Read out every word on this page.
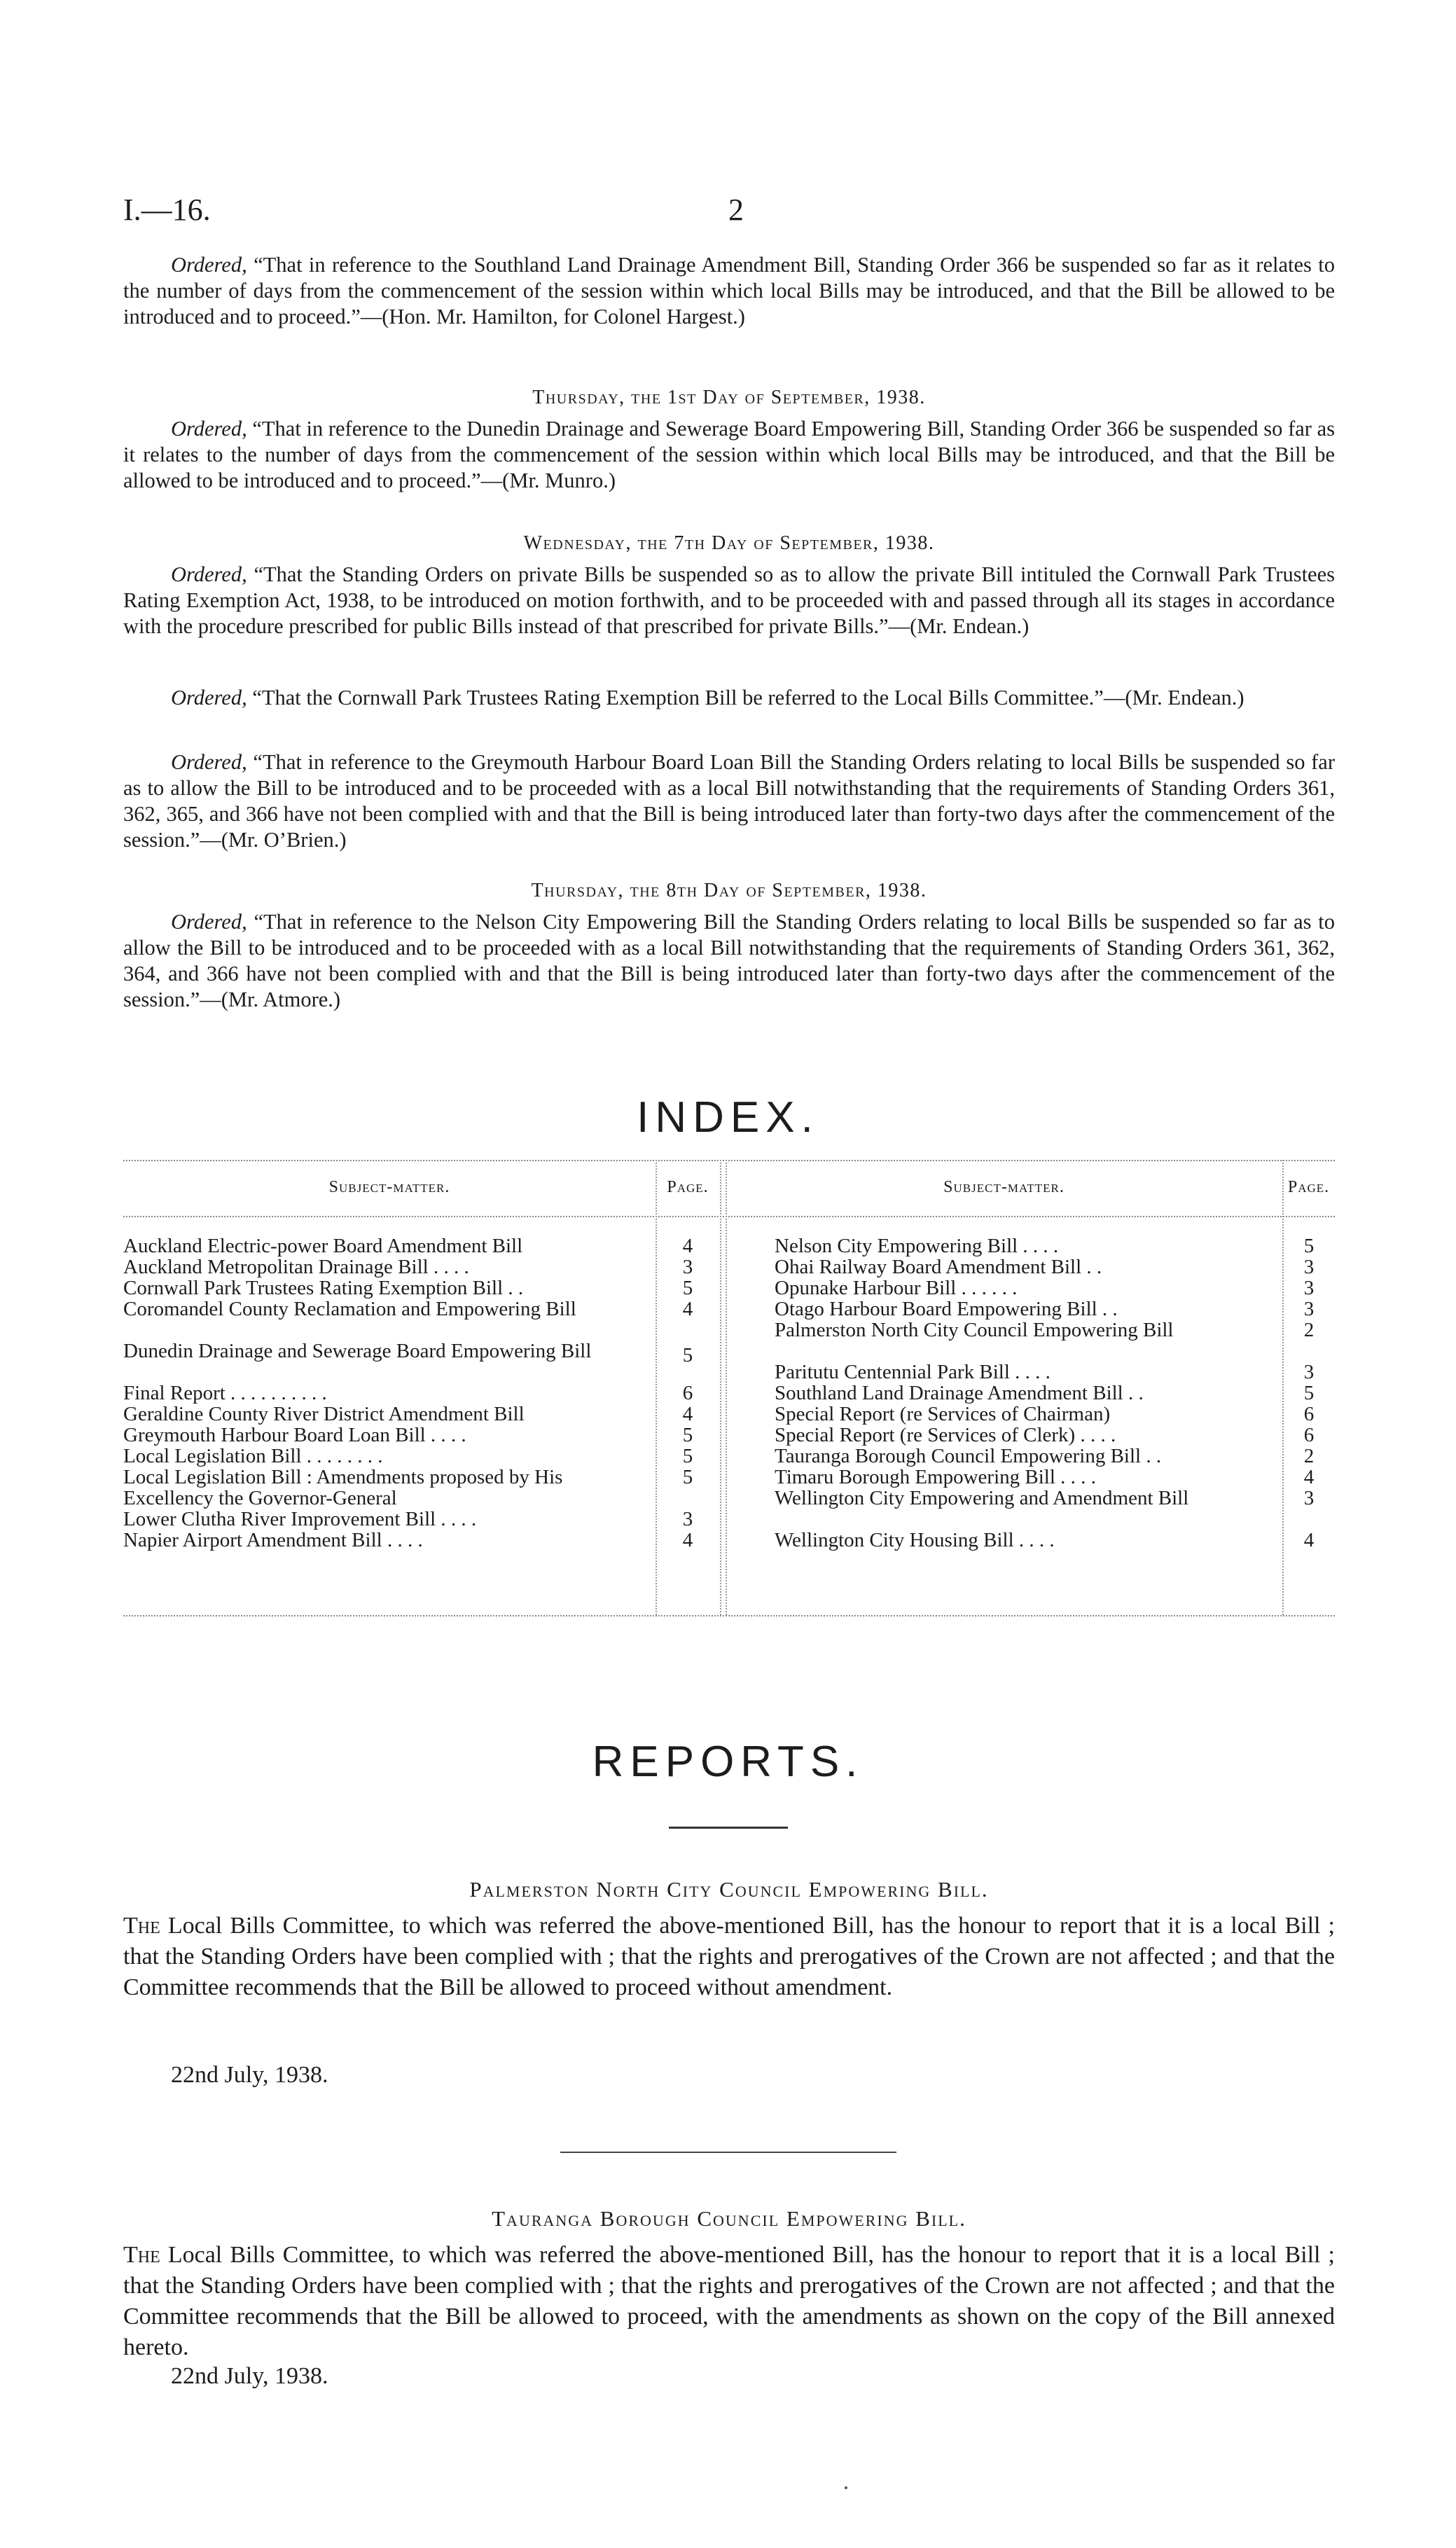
I.—16.	2

Ordered, “That in reference to the Southland Land Drainage Amendment Bill, Standing Order 366 be suspended so far as it relates to the number of days from the commencement of the session within which local Bills may be introduced, and that the Bill be allowed to be introduced and to proceed.”—(Hon. Mr. Hamilton, for Colonel Hargest.)

Thursday, the 1st Day of September, 1938.

Ordered, “That in reference to the Dunedin Drainage and Sewerage Board Empowering Bill, Standing Order 366 be suspended so far as it relates to the number of days from the commencement of the session within which local Bills may be introduced, and that the Bill be allowed to be introduced and to proceed.”—(Mr. Munro.)

Wednesday, the 7th Day of September, 1938.

Ordered, “That the Standing Orders on private Bills be suspended so as to allow the private Bill intituled the Cornwall Park Trustees Rating Exemption Act, 1938, to be introduced on motion forthwith, and to be proceeded with and passed through all its stages in accordance with the procedure prescribed for public Bills instead of that prescribed for private Bills.”—(Mr. Endean.)

Ordered, “That the Cornwall Park Trustees Rating Exemption Bill be referred to the Local Bills Committee.”—(Mr. Endean.)

Ordered, “That in reference to the Greymouth Harbour Board Loan Bill the Standing Orders relating to local Bills be suspended so far as to allow the Bill to be introduced and to be proceeded with as a local Bill notwithstanding that the requirements of Standing Orders 361, 362, 365, and 366 have not been complied with and that the Bill is being introduced later than forty-two days after the commencement of the session.”—(Mr. O’Brien.)

Thursday, the 8th Day of September, 1938.

Ordered, “That in reference to the Nelson City Empowering Bill the Standing Orders relating to local Bills be suspended so far as to allow the Bill to be introduced and to be proceeded with as a local Bill notwithstanding that the requirements of Standing Orders 361, 362, 364, and 366 have not been complied with and that the Bill is being introduced later than forty-two days after the commencement of the session.”—(Mr. Atmore.)

INDEX.
Subject-matter.	Page.	Subject-matter.	Page.
Auckland Electric-power Board Amendment Bill	4
Auckland Metropolitan Drainage Bill . . . .	3
Cornwall Park Trustees Rating Exemption Bill . .	5
Coromandel County Reclamation and Empowering Bill	4
Dunedin Drainage and Sewerage Board Empowering Bill	5
Final Report . . . . . . . . . .	6
Geraldine County River District Amendment Bill	4
Greymouth Harbour Board Loan Bill . . . .	5
Local Legislation Bill . . . . . . . .	5
Local Legislation Bill : Amendments proposed by His Excellency the Governor-General
5
Lower Clutha River Improvement Bill . . . .	3
Napier Airport Amendment Bill . . . .	4
Nelson City Empowering Bill . . . .	5
Ohai Railway Board Amendment Bill . .	3
Opunake Harbour Bill . . . . . .	3
Otago Harbour Board Empowering Bill . .	3
Palmerston North City Council Empowering Bill	2
Paritutu Centennial Park Bill . . . .	3
Southland Land Drainage Amendment Bill . .	5
Special Report (re Services of Chairman)	6
Special Report (re Services of Clerk) . . . .	6
Tauranga Borough Council Empowering Bill . .	2
Timaru Borough Empowering Bill . . . .	4
Wellington City Empowering and Amendment Bill	3
Wellington City Housing Bill . . . .	4
REPORTS.
Palmerston North City Council Empowering Bill.

The Local Bills Committee, to which was referred the above-mentioned Bill, has the honour to report that it is a local Bill ; that the Standing Orders have been complied with ; that the rights and prerogatives of the Crown are not affected ; and that the Committee recommends that the Bill be allowed to proceed without amendment.

22nd July, 1938.
Tauranga Borough Council Empowering Bill.

The Local Bills Committee, to which was referred the above-mentioned Bill, has the honour to report that it is a local Bill ; that the Standing Orders have been complied with ; that the rights and prerogatives of the Crown are not affected ; and that the Committee recommends that the Bill be allowed to proceed, with the amendments as shown on the copy of the Bill annexed hereto.

22nd July, 1938.
